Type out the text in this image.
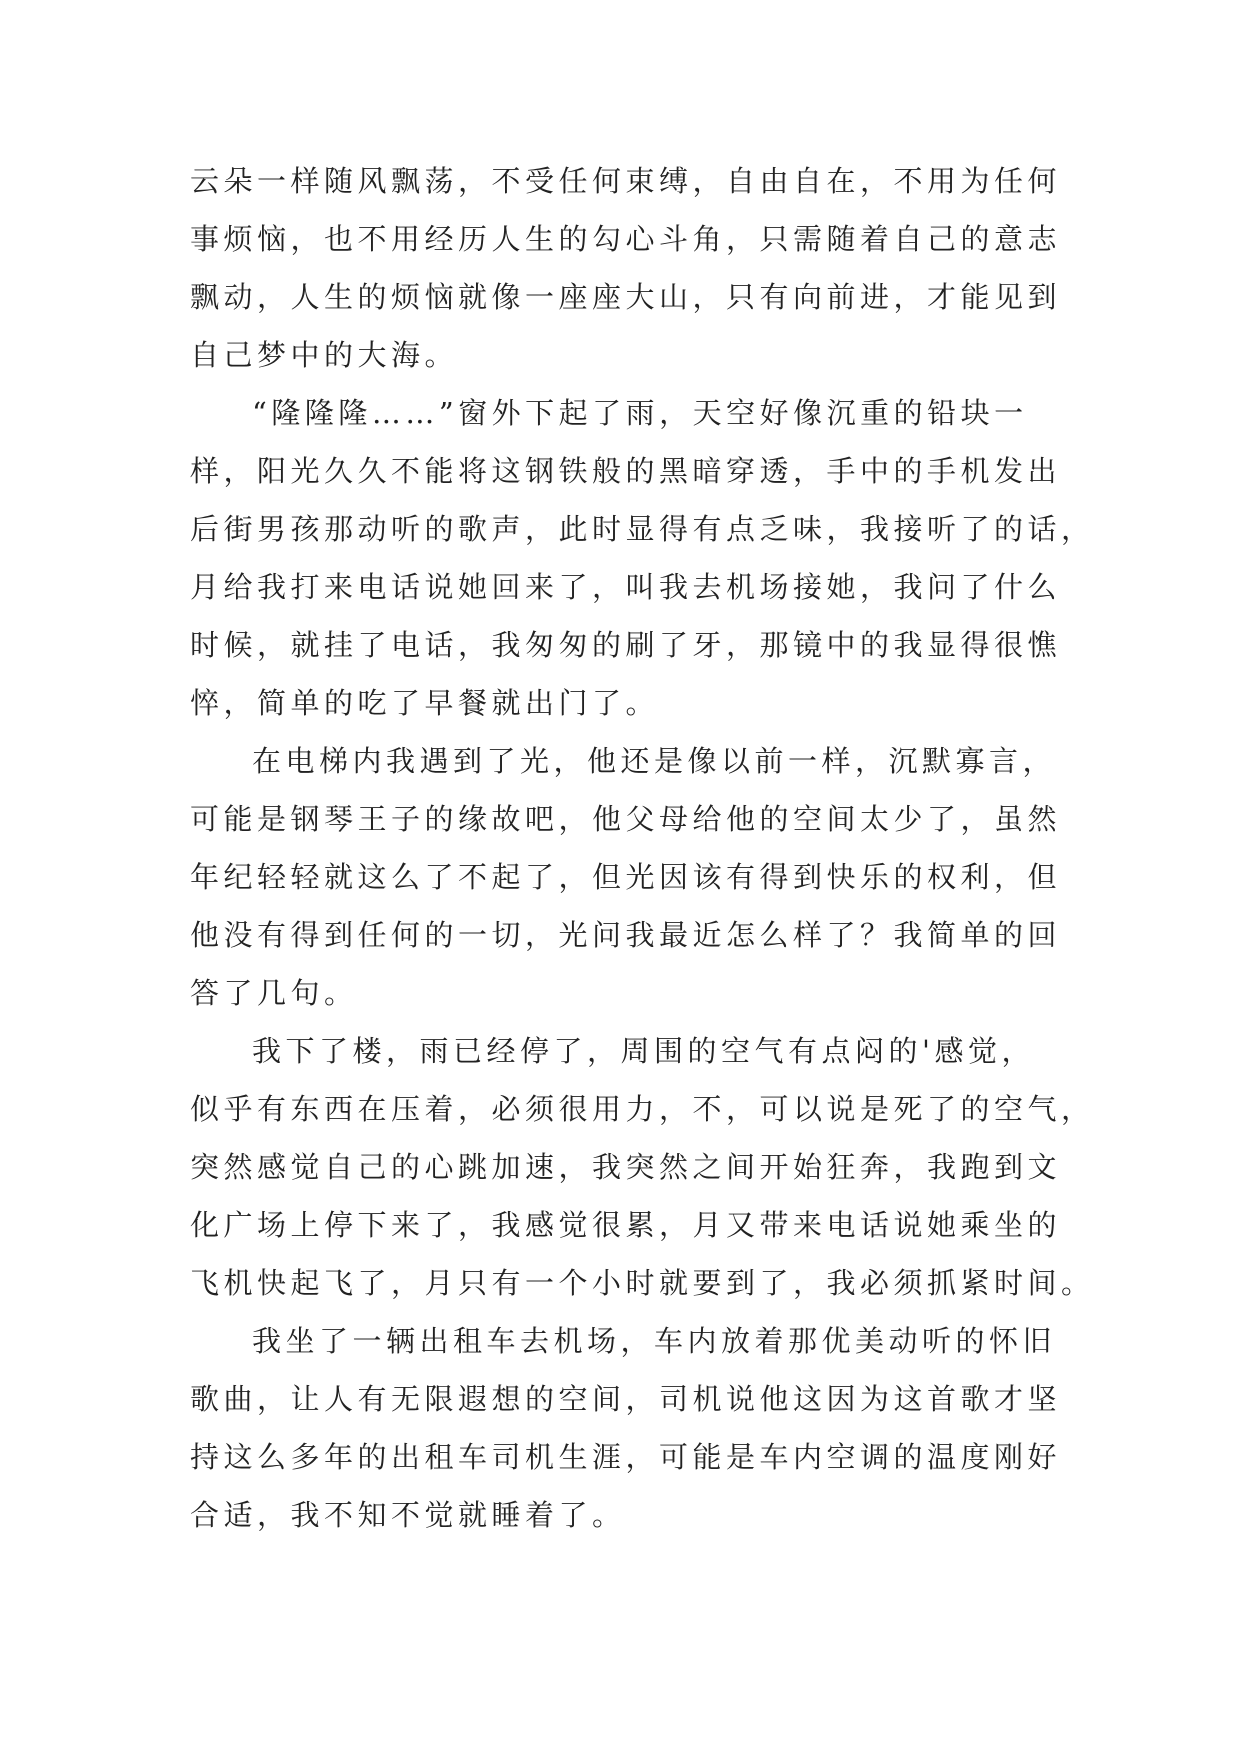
云朵一样随风飘荡，不受任何束缚，自由自在，不用为任何
事烦恼，也不用经历人生的勾心斗角，只需随着自己的意志
飘动，人生的烦恼就像一座座大山，只有向前进，才能见到
自己梦中的大海。
“隆隆隆……”窗外下起了雨，天空好像沉重的铅块一
样，阳光久久不能将这钢铁般的黑暗穿透，手中的手机发出
后街男孩那动听的歌声，此时显得有点乏味，我接听了的话，
月给我打来电话说她回来了，叫我去机场接她，我问了什么
时候，就挂了电话，我匆匆的刷了牙，那镜中的我显得很憔
悴，简单的吃了早餐就出门了。
在电梯内我遇到了光，他还是像以前一样，沉默寡言，
可能是钢琴王子的缘故吧，他父母给他的空间太少了，虽然
年纪轻轻就这么了不起了，但光因该有得到快乐的权利，但
他没有得到任何的一切，光问我最近怎么样了？我简单的回
答了几句。
我下了楼，雨已经停了，周围的空气有点闷的'感觉，
似乎有东西在压着，必须很用力，不，可以说是死了的空气，
突然感觉自己的心跳加速，我突然之间开始狂奔，我跑到文
化广场上停下来了，我感觉很累，月又带来电话说她乘坐的
飞机快起飞了，月只有一个小时就要到了，我必须抓紧时间。
我坐了一辆出租车去机场，车内放着那优美动听的怀旧
歌曲，让人有无限遐想的空间，司机说他这因为这首歌才坚
持这么多年的出租车司机生涯，可能是车内空调的温度刚好
合适，我不知不觉就睡着了。
